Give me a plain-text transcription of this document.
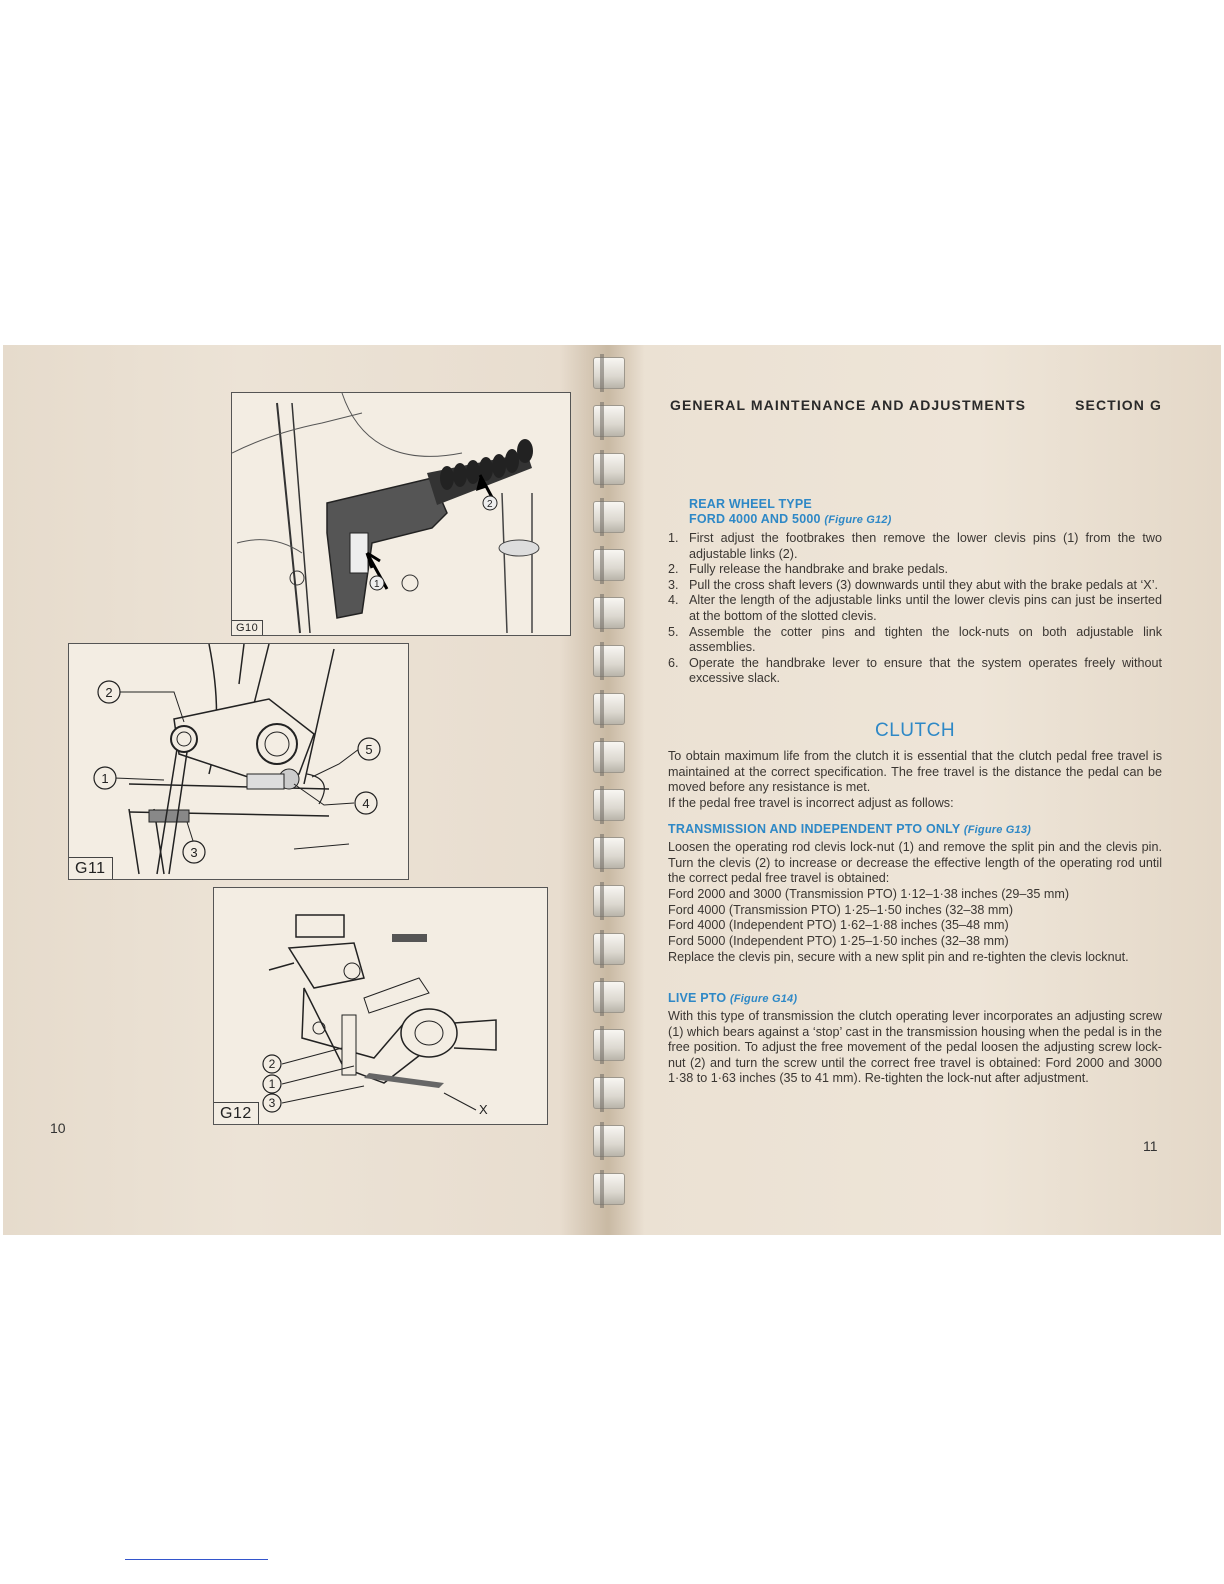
2
1
G10
2
1
5
4
3
G11
2
1
3	X
G12
10
GENERAL MAINTENANCE AND ADJUSTMENTS	SECTION G
REAR WHEEL TYPE
FORD 4000 AND 5000 (Figure G12)
1. First adjust the footbrakes then remove the lower clevis pins (1) from the two adjustable links (2).
2. Fully release the handbrake and brake pedals.
3. Pull the cross shaft levers (3) downwards until they abut with the brake pedals at ‘X’.
4. Alter the length of the adjustable links until the lower clevis pins can just be inserted at the bottom of the slotted clevis.
5. Assemble the cotter pins and tighten the lock-nuts on both adjustable link assemblies.
6. Operate the handbrake lever to ensure that the system operates freely without excessive slack.
CLUTCH

To obtain maximum life from the clutch it is essential that the clutch pedal free travel is maintained at the correct specification. The free travel is the distance the pedal can be moved before any resistance is met.

If the pedal free travel is incorrect adjust as follows:

TRANSMISSION AND INDEPENDENT PTO ONLY (Figure G13)
Loosen the operating rod clevis lock-nut (1) and remove the split pin and the clevis pin. Turn the clevis (2) to increase or decrease the effective length of the operating rod until the correct pedal free travel is obtained:
Ford 2000 and 3000 (Transmission PTO) 1·12–1·38 inches (29–35 mm)
Ford 4000 (Transmission PTO) 1·25–1·50 inches (32–38 mm)
Ford 4000 (Independent PTO) 1·62–1·88 inches (35–48 mm)
Ford 5000 (Independent PTO) 1·25–1·50 inches (32–38 mm)
Replace the clevis pin, secure with a new split pin and re-tighten the clevis locknut.
LIVE PTO (Figure G14)
With this type of transmission the clutch operating lever incorporates an adjusting screw (1) which bears against a ‘stop’ cast in the transmission housing when the pedal is in the free position. To adjust the free movement of the pedal loosen the adjusting screw lock-nut (2) and turn the screw until the correct free travel is obtained: Ford 2000 and 3000 1·38 to 1·63 inches (35 to 41 mm). Re-tighten the lock-nut after adjustment.
11
